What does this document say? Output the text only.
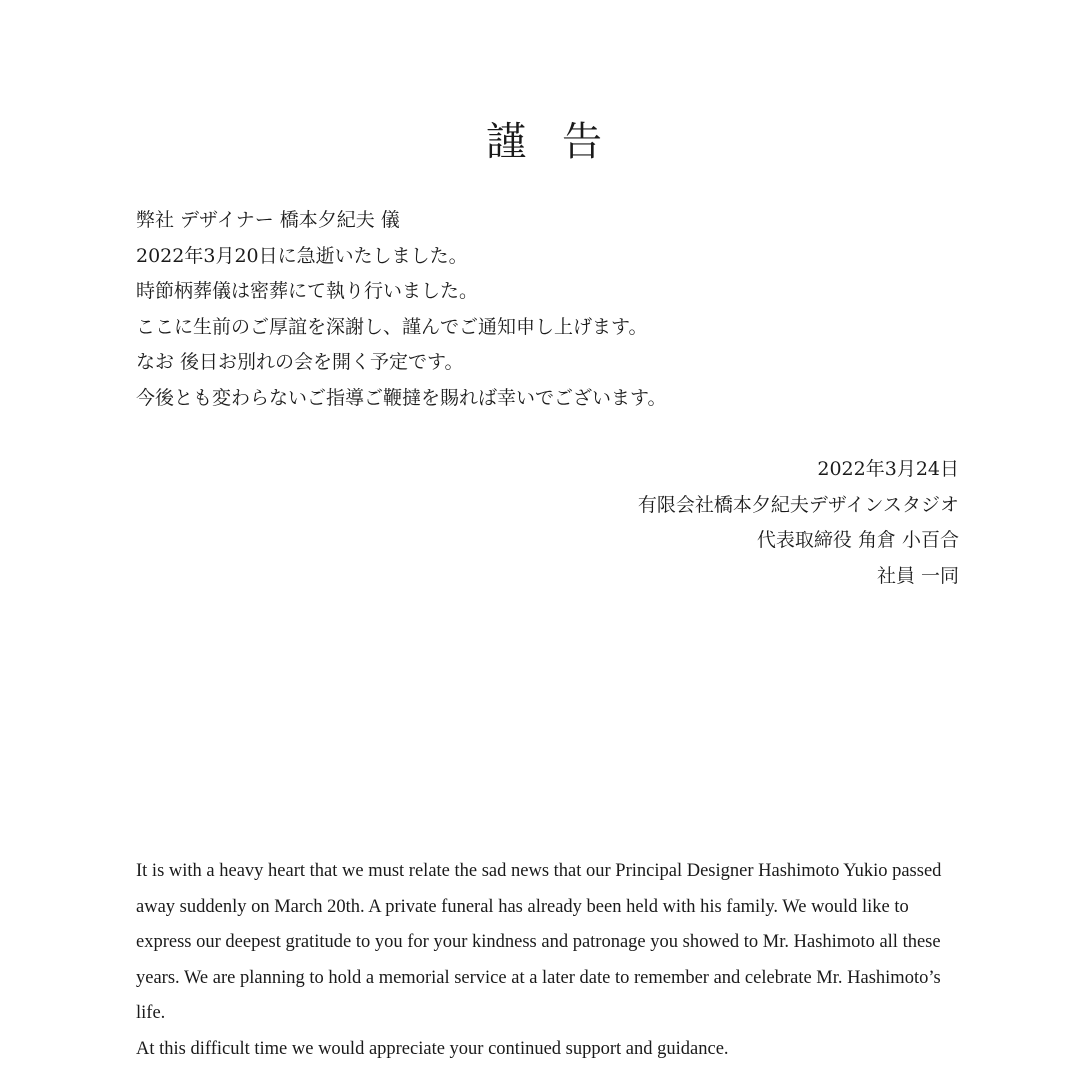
謹 告
弊社 デザイナー 橋本夕紀夫 儀
2022年3月20日に急逝いたしました。
時節柄葬儀は密葬にて執り行いました。
ここに生前のご厚誼を深謝し、謹んでご通知申し上げます。
なお 後日お別れの会を開く予定です。
今後とも変わらないご指導ご鞭撻を賜れば幸いでございます。
2022年3月24日
有限会社橋本夕紀夫デザインスタジオ
代表取締役 角倉 小百合
社員 一同

It is with a heavy heart that we must relate the sad news that our Principal Designer Hashimoto Yukio passed away suddenly on March 20th. A private funeral has already been held with his family. We would like to express our deepest gratitude to you for your kindness and patronage you showed to Mr. Hashimoto all these years. We are planning to hold a memorial service at a later date to remember and celebrate Mr. Hashimoto’s life.

At this difficult time we would appreciate your continued support and guidance.
